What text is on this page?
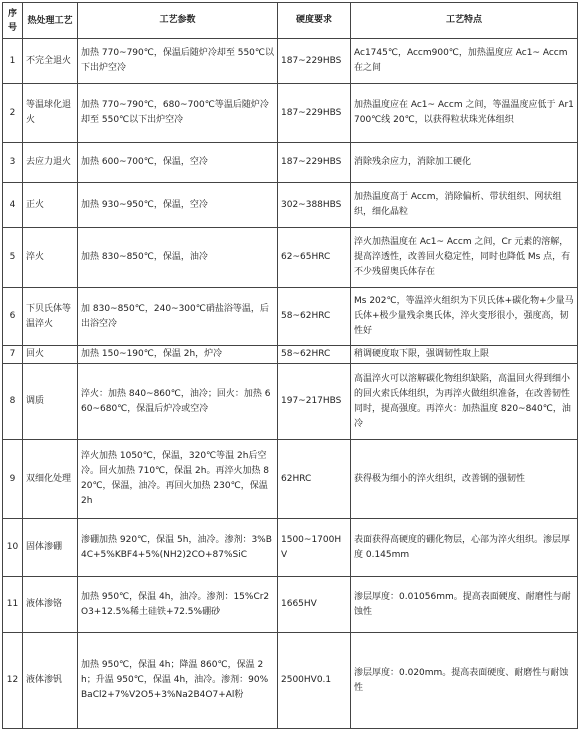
序号	热处理工艺	工艺参数	硬度要求	工艺特点
1	不完全退火	加热 770~790℃，保温后随炉冷却至 550℃以下出炉空冷	187~229HBS	Ac1745℃，Accm900℃，加热温度应 Ac1~ Accm 在之间
2	等温球化退火	加热 770~790℃，680~700℃等温后随炉冷却至 550℃以下出炉空冷	187~229HBS	加热温度应在 Ac1~ Accm 之间，等温温度应低于 Ar1700℃线 20℃，以获得粒状珠光体组织
3	去应力退火	加热 600~700℃，保温，空冷	187~229HBS	消除残余应力，消除加工硬化
4	正火	加热 930~950℃，保温，空冷	302~388HBS	加热温度高于 Accm，消除偏析、带状组织、网状组织，细化晶粒
5	淬火	加热 830~850℃，保温，油冷	62~65HRC	淬火加热温度在 Ac1~ Accm 之间，Cr 元素的溶解，提高淬透性，改善回火稳定性，同时也降低 Ms 点，有不少残留奥氏体存在
6	下贝氏体等温淬火	加 830~850℃，240~300℃硝盐浴等温，后出浴空冷	58~62HRC	Ms 202℃，等温淬火组织为下贝氏体+碳化物+少量马氏体+极少量残余奥氏体，淬火变形很小，强度高，韧性好
7	回火	加热 150~190℃，保温 2h，炉冷	58~62HRC	稍调硬度取下限，强调韧性取上限
8	调质	淬火：加热 840~860℃，油冷；回火：加热 660~680℃，保温后炉冷或空冷	197~217HBS	高温淬火可以溶解碳化物组织缺陷，高温回火得到细小的回火索氏体组织，为再淬火做组织准备，在改善韧性同时，提高强度。再淬火：加热温度 820~840℃，油冷
9	双细化处理	淬火加热 1050℃，保温，320℃等温 2h后空冷。回火加热 710℃，保温 2h。再淬火加热 820℃，保温，油冷。再回火加热 230℃，保温 2h	62HRC	获得极为细小的淬火组织，改善钢的强韧性
10	固体渗硼	渗硼加热 920℃，保温 5h，油冷。渗剂：3%B4C+5%KBF4+5%(NH2)2CO+87%SiC	1500~1700HV	表面获得高硬度的硼化物层，心部为淬火组织。渗层厚度 0.145mm
11	液体渗铬	加热 950℃，保温 4h，油冷。渗剂：15%Cr2O3+12.5%稀土硅铁+72.5%硼砂	1665HV	渗层厚度：0.01056mm。提高表面硬度、耐磨性与耐蚀性
12	液体渗钒	加热 950℃，保温 4h；降温 860℃，保温 2h；升温 950℃，保温 4h，油冷。渗剂：90%BaCl2+7%V2O5+3%Na2B4O7+Al粉	2500HV0.1	渗层厚度：0.020mm。提高表面硬度、耐磨性与耐蚀性
